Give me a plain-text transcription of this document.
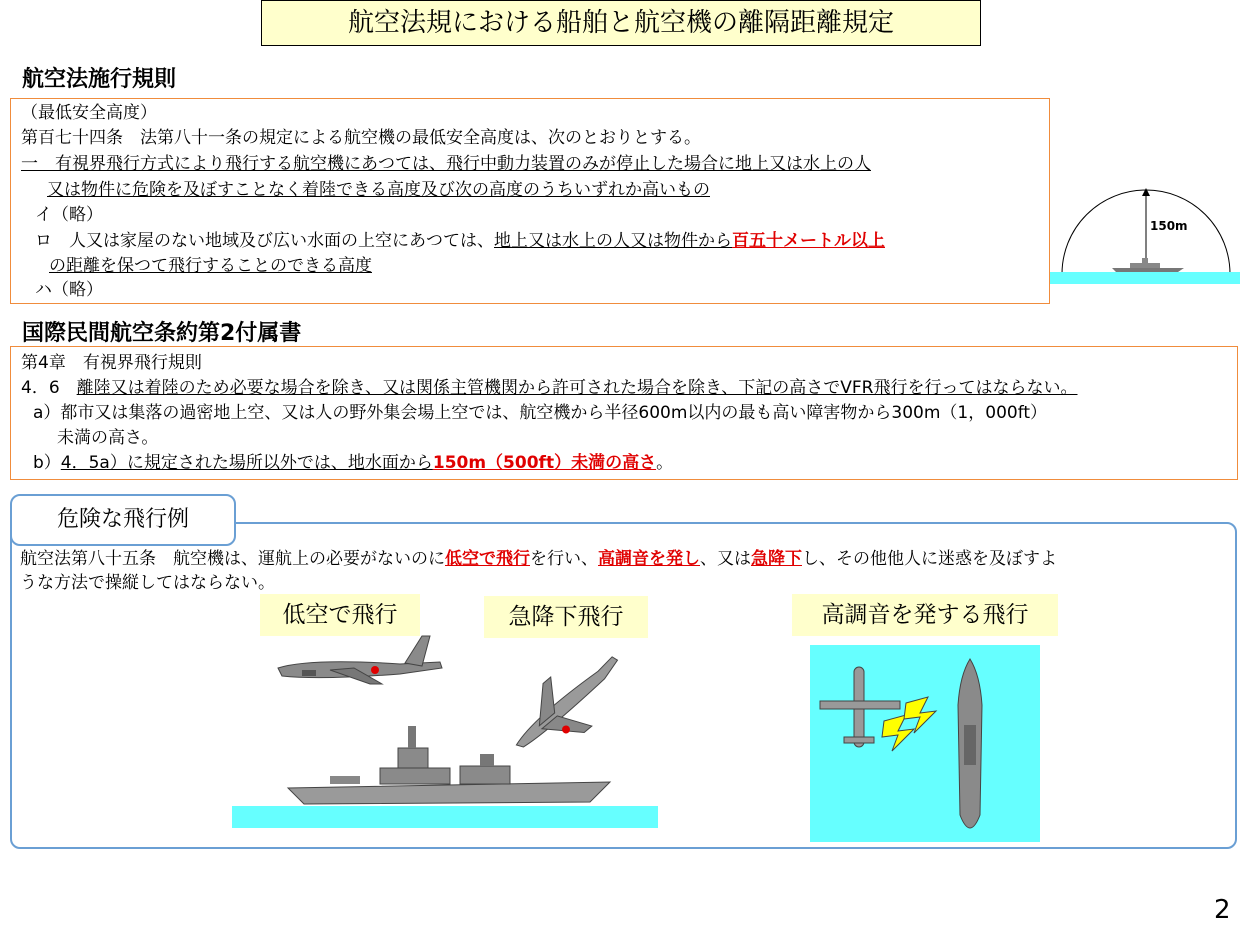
航空法規における船舶と航空機の離隔距離規定
航空法施行規則
（最低安全高度）
第百七十四条　法第八十一条の規定による航空機の最低安全高度は、次のとおりとする。
一　有視界飛行方式により飛行する航空機にあつては、飛行中動力装置のみが停止した場合に地上又は水上の人
又は物件に危険を及ぼすことなく着陸できる高度及び次の高度のうちいずれか高いもの
イ（略）
ロ　人又は家屋のない地域及び広い水面の上空にあつては、地上又は水上の人又は物件から百五十メートル以上
の距離を保つて飛行することのできる高度
ハ（略）
150m
国際民間航空条約第2付属書
第4章　有視界飛行規則
4．6　離陸又は着陸のため必要な場合を除き、又は関係主管機関から許可された場合を除き、下記の高さでVFR飛行を行ってはならない。
a）都市又は集落の過密地上空、又は人の野外集会場上空では、航空機から半径600m以内の最も高い障害物から300m（1，000ft）
未満の高さ。
b）4．5a）に規定された場所以外では、地水面から150m（500ft）未満の高さ。
危険な飛行例
航空法第八十五条　航空機は、運航上の必要がないのに低空で飛行を行い、高調音を発し、又は急降下し、その他他人に迷惑を及ぼすよ
うな方法で操縦してはならない。
低空で飛行	急降下飛行	高調音を発する飛行
2
